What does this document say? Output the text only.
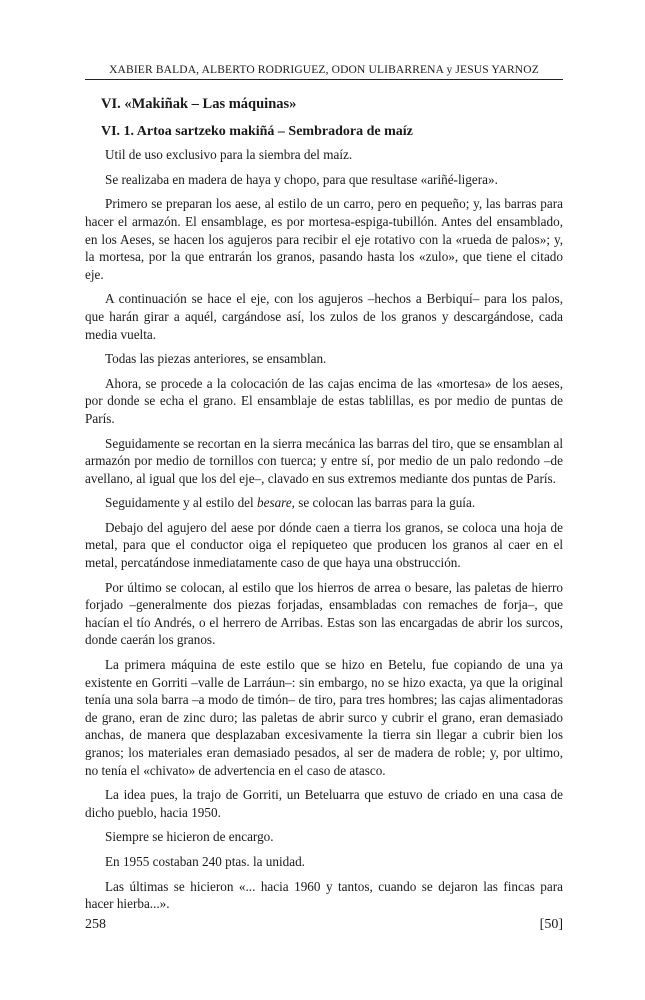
XABIER BALDA, ALBERTO RODRIGUEZ, ODON ULIBARRENA y JESUS YARNOZ
VI. «Makiñak – Las máquinas»
VI. 1. Artoa sartzeko makiñá – Sembradora de maíz

Util de uso exclusivo para la siembra del maíz.

Se realizaba en madera de haya y chopo, para que resultase «ariñé-ligera».

Primero se preparan los aese, al estilo de un carro, pero en pequeño; y, las barras para hacer el armazón. El ensamblage, es por mortesa-espiga-tubillón. Antes del ensamblado, en los Aeses, se hacen los agujeros para recibir el eje rotativo con la «rueda de palos»; y, la mortesa, por la que entrarán los granos, pasando hasta los «zulo», que tiene el citado eje.

A continuación se hace el eje, con los agujeros –hechos a Berbiquí– para los palos, que harán girar a aquél, cargándose así, los zulos de los granos y descargándose, cada media vuelta.

Todas las piezas anteriores, se ensamblan.

Ahora, se procede a la colocación de las cajas encima de las «mortesa» de los aeses, por donde se echa el grano. El ensamblaje de estas tablillas, es por medio de puntas de París.

Seguidamente se recortan en la sierra mecánica las barras del tiro, que se ensamblan al armazón por medio de tornillos con tuerca; y entre sí, por medio de un palo redondo –de avellano, al igual que los del eje–, clavado en sus extremos mediante dos puntas de París.

Seguidamente y al estilo del besare, se colocan las barras para la guía.

Debajo del agujero del aese por dónde caen a tierra los granos, se coloca una hoja de metal, para que el conductor oiga el repiqueteo que producen los granos al caer en el metal, percatándose inmediatamente caso de que haya una obstrucción.

Por último se colocan, al estilo que los hierros de arrea o besare, las paletas de hierro forjado –generalmente dos piezas forjadas, ensambladas con remaches de forja–, que hacían el tío Andrés, o el herrero de Arribas. Estas son las encargadas de abrir los surcos, donde caerán los granos.

La primera máquina de este estilo que se hizo en Betelu, fue copiando de una ya existente en Gorriti –valle de Larráun–: sin embargo, no se hizo exacta, ya que la original tenía una sola barra –a modo de timón– de tiro, para tres hombres; las cajas alimentadoras de grano, eran de zinc duro; las paletas de abrir surco y cubrir el grano, eran demasiado anchas, de manera que desplazaban excesivamente la tierra sin llegar a cubrir bien los granos; los materiales eran demasiado pesados, al ser de madera de roble; y, por ultimo, no tenía el «chivato» de advertencia en el caso de atasco.

La idea pues, la trajo de Gorriti, un Beteluarra que estuvo de criado en una casa de dicho pueblo, hacia 1950.

Siempre se hicieron de encargo.

En 1955 costaban 240 ptas. la unidad.

Las últimas se hicieron «... hacia 1960 y tantos, cuando se dejaron las fincas para hacer hierba...».

258	[50]
